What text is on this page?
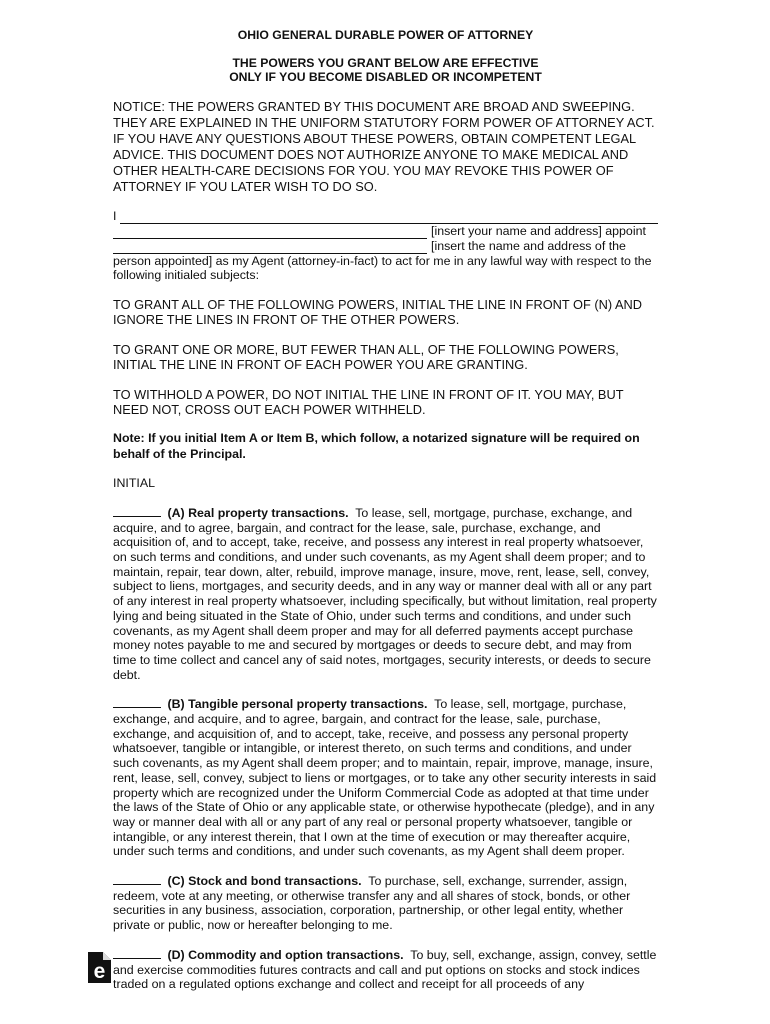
OHIO GENERAL DURABLE POWER OF ATTORNEY

THE POWERS YOU GRANT BELOW ARE EFFECTIVE

ONLY IF YOU BECOME DISABLED OR INCOMPETENT

NOTICE: THE POWERS GRANTED BY THIS DOCUMENT ARE BROAD AND SWEEPING. THEY ARE EXPLAINED IN THE UNIFORM STATUTORY FORM POWER OF ATTORNEY ACT. IF YOU HAVE ANY QUESTIONS ABOUT THESE POWERS, OBTAIN COMPETENT LEGAL ADVICE. THIS DOCUMENT DOES NOT AUTHORIZE ANYONE TO MAKE MEDICAL AND OTHER HEALTH-CARE DECISIONS FOR YOU. YOU MAY REVOKE THIS POWER OF ATTORNEY IF YOU LATER WISH TO DO SO.

I
[insert your name and address] appoint
[insert the name and address of the

person appointed] as my Agent (attorney-in-fact) to act for me in any lawful way with respect to the following initialed subjects:

TO GRANT ALL OF THE FOLLOWING POWERS, INITIAL THE LINE IN FRONT OF (N) AND IGNORE THE LINES IN FRONT OF THE OTHER POWERS.

TO GRANT ONE OR MORE, BUT FEWER THAN ALL, OF THE FOLLOWING POWERS, INITIAL THE LINE IN FRONT OF EACH POWER YOU ARE GRANTING.

TO WITHHOLD A POWER, DO NOT INITIAL THE LINE IN FRONT OF IT. YOU MAY, BUT NEED NOT, CROSS OUT EACH POWER WITHHELD.

Note: If you initial Item A or Item B, which follow, a notarized signature will be required on behalf of the Principal.

INITIAL

(A) Real property transactions. To lease, sell, mortgage, purchase, exchange, and acquire, and to agree, bargain, and contract for the lease, sale, purchase, exchange, and acquisition of, and to accept, take, receive, and possess any interest in real property whatsoever, on such terms and conditions, and under such covenants, as my Agent shall deem proper; and to maintain, repair, tear down, alter, rebuild, improve manage, insure, move, rent, lease, sell, convey, subject to liens, mortgages, and security deeds, and in any way or manner deal with all or any part of any interest in real property whatsoever, including specifically, but without limitation, real property lying and being situated in the State of Ohio, under such terms and conditions, and under such covenants, as my Agent shall deem proper and may for all deferred payments accept purchase money notes payable to me and secured by mortgages or deeds to secure debt, and may from time to time collect and cancel any of said notes, mortgages, security interests, or deeds to secure debt.

(B) Tangible personal property transactions. To lease, sell, mortgage, purchase, exchange, and acquire, and to agree, bargain, and contract for the lease, sale, purchase, exchange, and acquisition of, and to accept, take, receive, and possess any personal property whatsoever, tangible or intangible, or interest thereto, on such terms and conditions, and under such covenants, as my Agent shall deem proper; and to maintain, repair, improve, manage, insure, rent, lease, sell, convey, subject to liens or mortgages, or to take any other security interests in said property which are recognized under the Uniform Commercial Code as adopted at that time under the laws of the State of Ohio or any applicable state, or otherwise hypothecate (pledge), and in any way or manner deal with all or any part of any real or personal property whatsoever, tangible or intangible, or any interest therein, that I own at the time of execution or may thereafter acquire, under such terms and conditions, and under such covenants, as my Agent shall deem proper.

(C) Stock and bond transactions. To purchase, sell, exchange, surrender, assign, redeem, vote at any meeting, or otherwise transfer any and all shares of stock, bonds, or other securities in any business, association, corporation, partnership, or other legal entity, whether private or public, now or hereafter belonging to me.

(D) Commodity and option transactions. To buy, sell, exchange, assign, convey, settle and exercise commodities futures contracts and call and put options on stocks and stock indices traded on a regulated options exchange and collect and receipt for all proceeds of any

e
